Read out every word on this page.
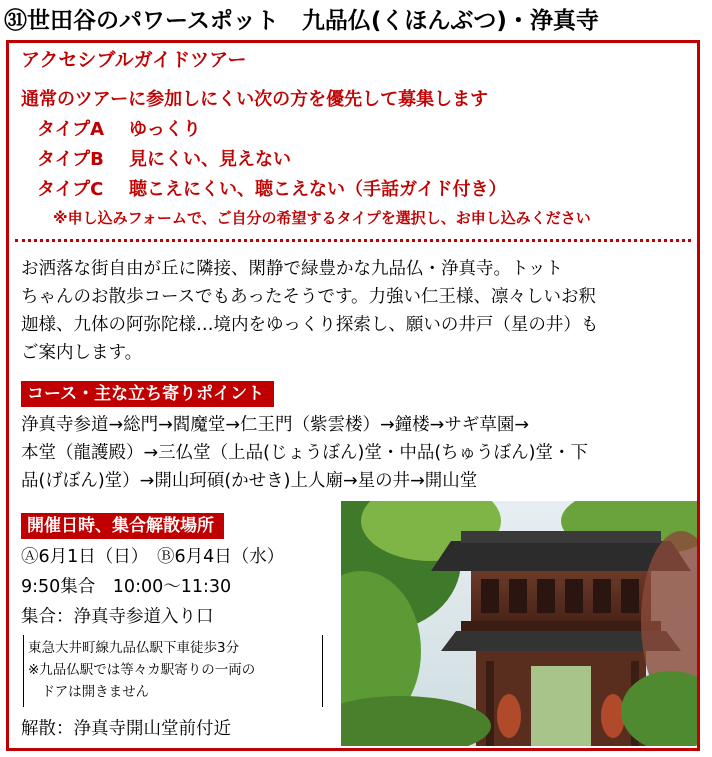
㉛世田谷のパワースポット　九品仏(くほんぶつ)・浄真寺
アクセシブルガイドツアー
通常のツアーに参加しにくい次の方を優先して募集します
タイプA ゆっくり
タイプB 見にくい、見えない
タイプC 聴こえにくい、聴こえない（手話ガイド付き）
※申し込みフォームで、ご自分の希望するタイプを選択し、お申し込みください
お洒落な街自由が丘に隣接、閑静で緑豊かな九品仏・浄真寺。トット
ちゃんのお散歩コースでもあったそうです。力強い仁王様、凛々しいお釈
迦様、九体の阿弥陀様…境内をゆっくり探索し、願いの井戸（星の井）も
ご案内します。
コース・主な立ち寄りポイント
浄真寺参道→総門→閻魔堂→仁王門（紫雲楼）→鐘楼→サギ草園→
本堂（龍護殿）→三仏堂（上品(じょうぼん)堂・中品(ちゅうぼん)堂・下
品(げぼん)堂）→開山珂碩(かせき)上人廟→星の井→開山堂
開催日時、集合解散場所
Ⓐ6月1日（日）　Ⓑ6月4日（水）
9:50集合　10:00～11:30
集合：浄真寺参道入り口
東急大井町線九品仏駅下車徒歩3分
※九品仏駅では等々カ駅寄りの一両の
　ドアは開きません
解散：浄真寺開山堂前付近
